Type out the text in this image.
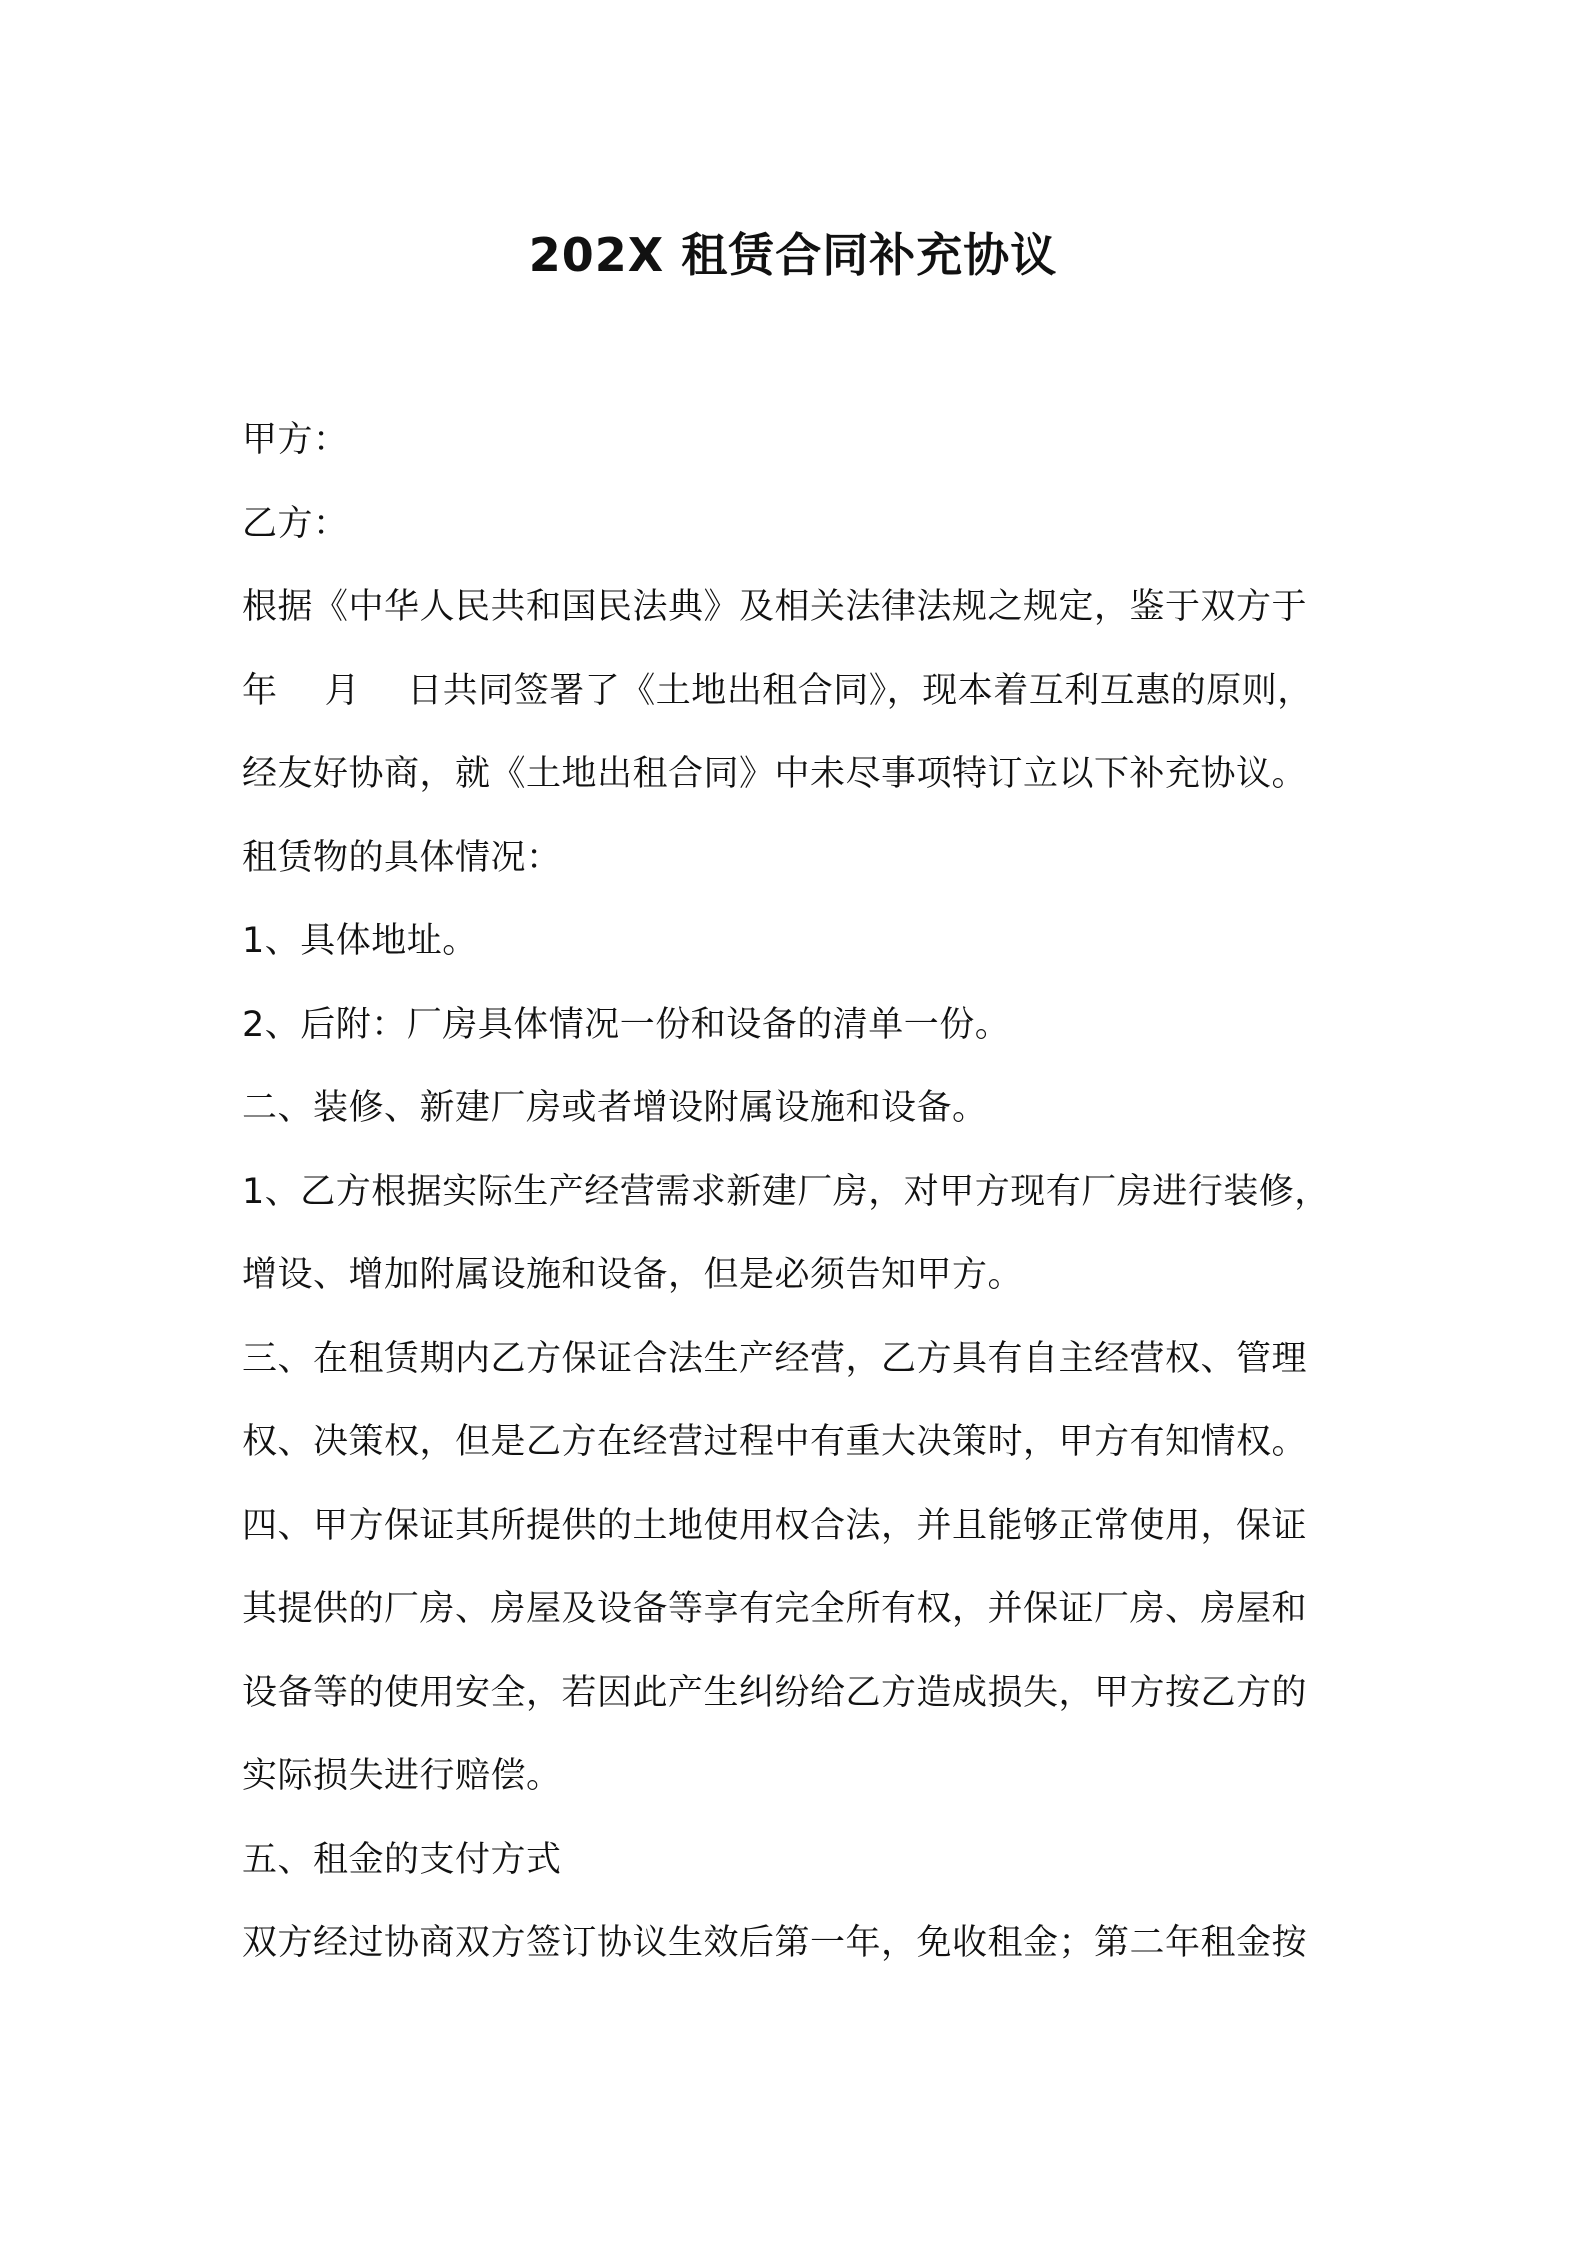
202X 租赁合同补充协议
甲方：
乙方：
根据《中华人民共和国民法典》及相关法律法规之规定，鉴于双方于
年　 月　 日共同签署了《土地出租合同》，现本着互利互惠的原则，
经友好协商，就《土地出租合同》中未尽事项特订立以下补充协议。
租赁物的具体情况：
1、具体地址。
2、后附：厂房具体情况一份和设备的清单一份。
二、装修、新建厂房或者增设附属设施和设备。
1、乙方根据实际生产经营需求新建厂房，对甲方现有厂房进行装修，
增设、增加附属设施和设备，但是必须告知甲方。
三、在租赁期内乙方保证合法生产经营，乙方具有自主经营权、管理
权、决策权，但是乙方在经营过程中有重大决策时，甲方有知情权。
四、甲方保证其所提供的土地使用权合法，并且能够正常使用，保证
其提供的厂房、房屋及设备等享有完全所有权，并保证厂房、房屋和
设备等的使用安全，若因此产生纠纷给乙方造成损失，甲方按乙方的
实际损失进行赔偿。
五、租金的支付方式
双方经过协商双方签订协议生效后第一年，免收租金；第二年租金按
